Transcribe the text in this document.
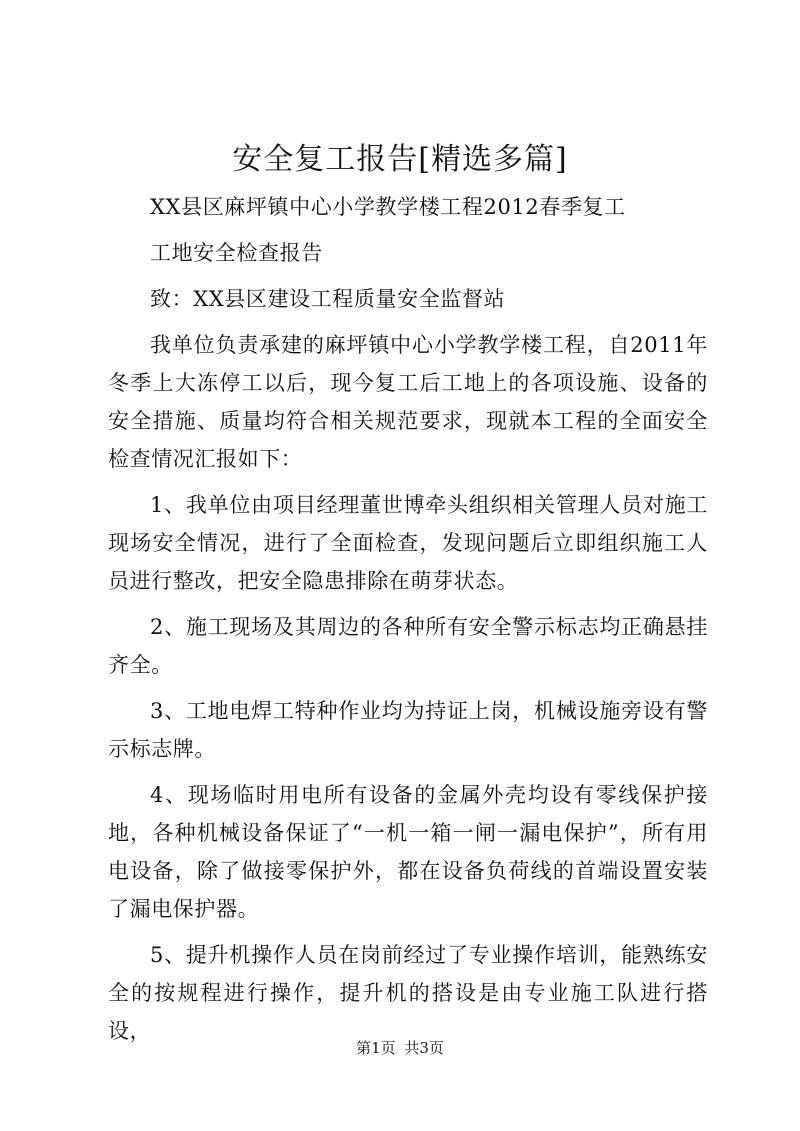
安全复工报告[精选多篇]

XX县区麻坪镇中心小学教学楼工程2012春季复工

工地安全检查报告

致：XX县区建设工程质量安全监督站

我单位负责承建的麻坪镇中心小学教学楼工程，自2011年冬季上大冻停工以后，现今复工后工地上的各项设施、设备的安全措施、质量均符合相关规范要求，现就本工程的全面安全检查情况汇报如下：

1、我单位由项目经理董世博牵头组织相关管理人员对施工现场安全情况，进行了全面检查，发现问题后立即组织施工人员进行整改，把安全隐患排除在萌芽状态。

2、施工现场及其周边的各种所有安全警示标志均正确悬挂齐全。

3、工地电焊工特种作业均为持证上岗，机械设施旁设有警示标志牌。

4、现场临时用电所有设备的金属外壳均设有零线保护接地，各种机械设备保证了“一机一箱一闸一漏电保护”，所有用电设备，除了做接零保护外，都在设备负荷线的首端设置安装了漏电保护器。

5、提升机操作人员在岗前经过了专业操作培训，能熟练安全的按规程进行操作，提升机的搭设是由专业施工队进行搭设，

第1页 共3页
